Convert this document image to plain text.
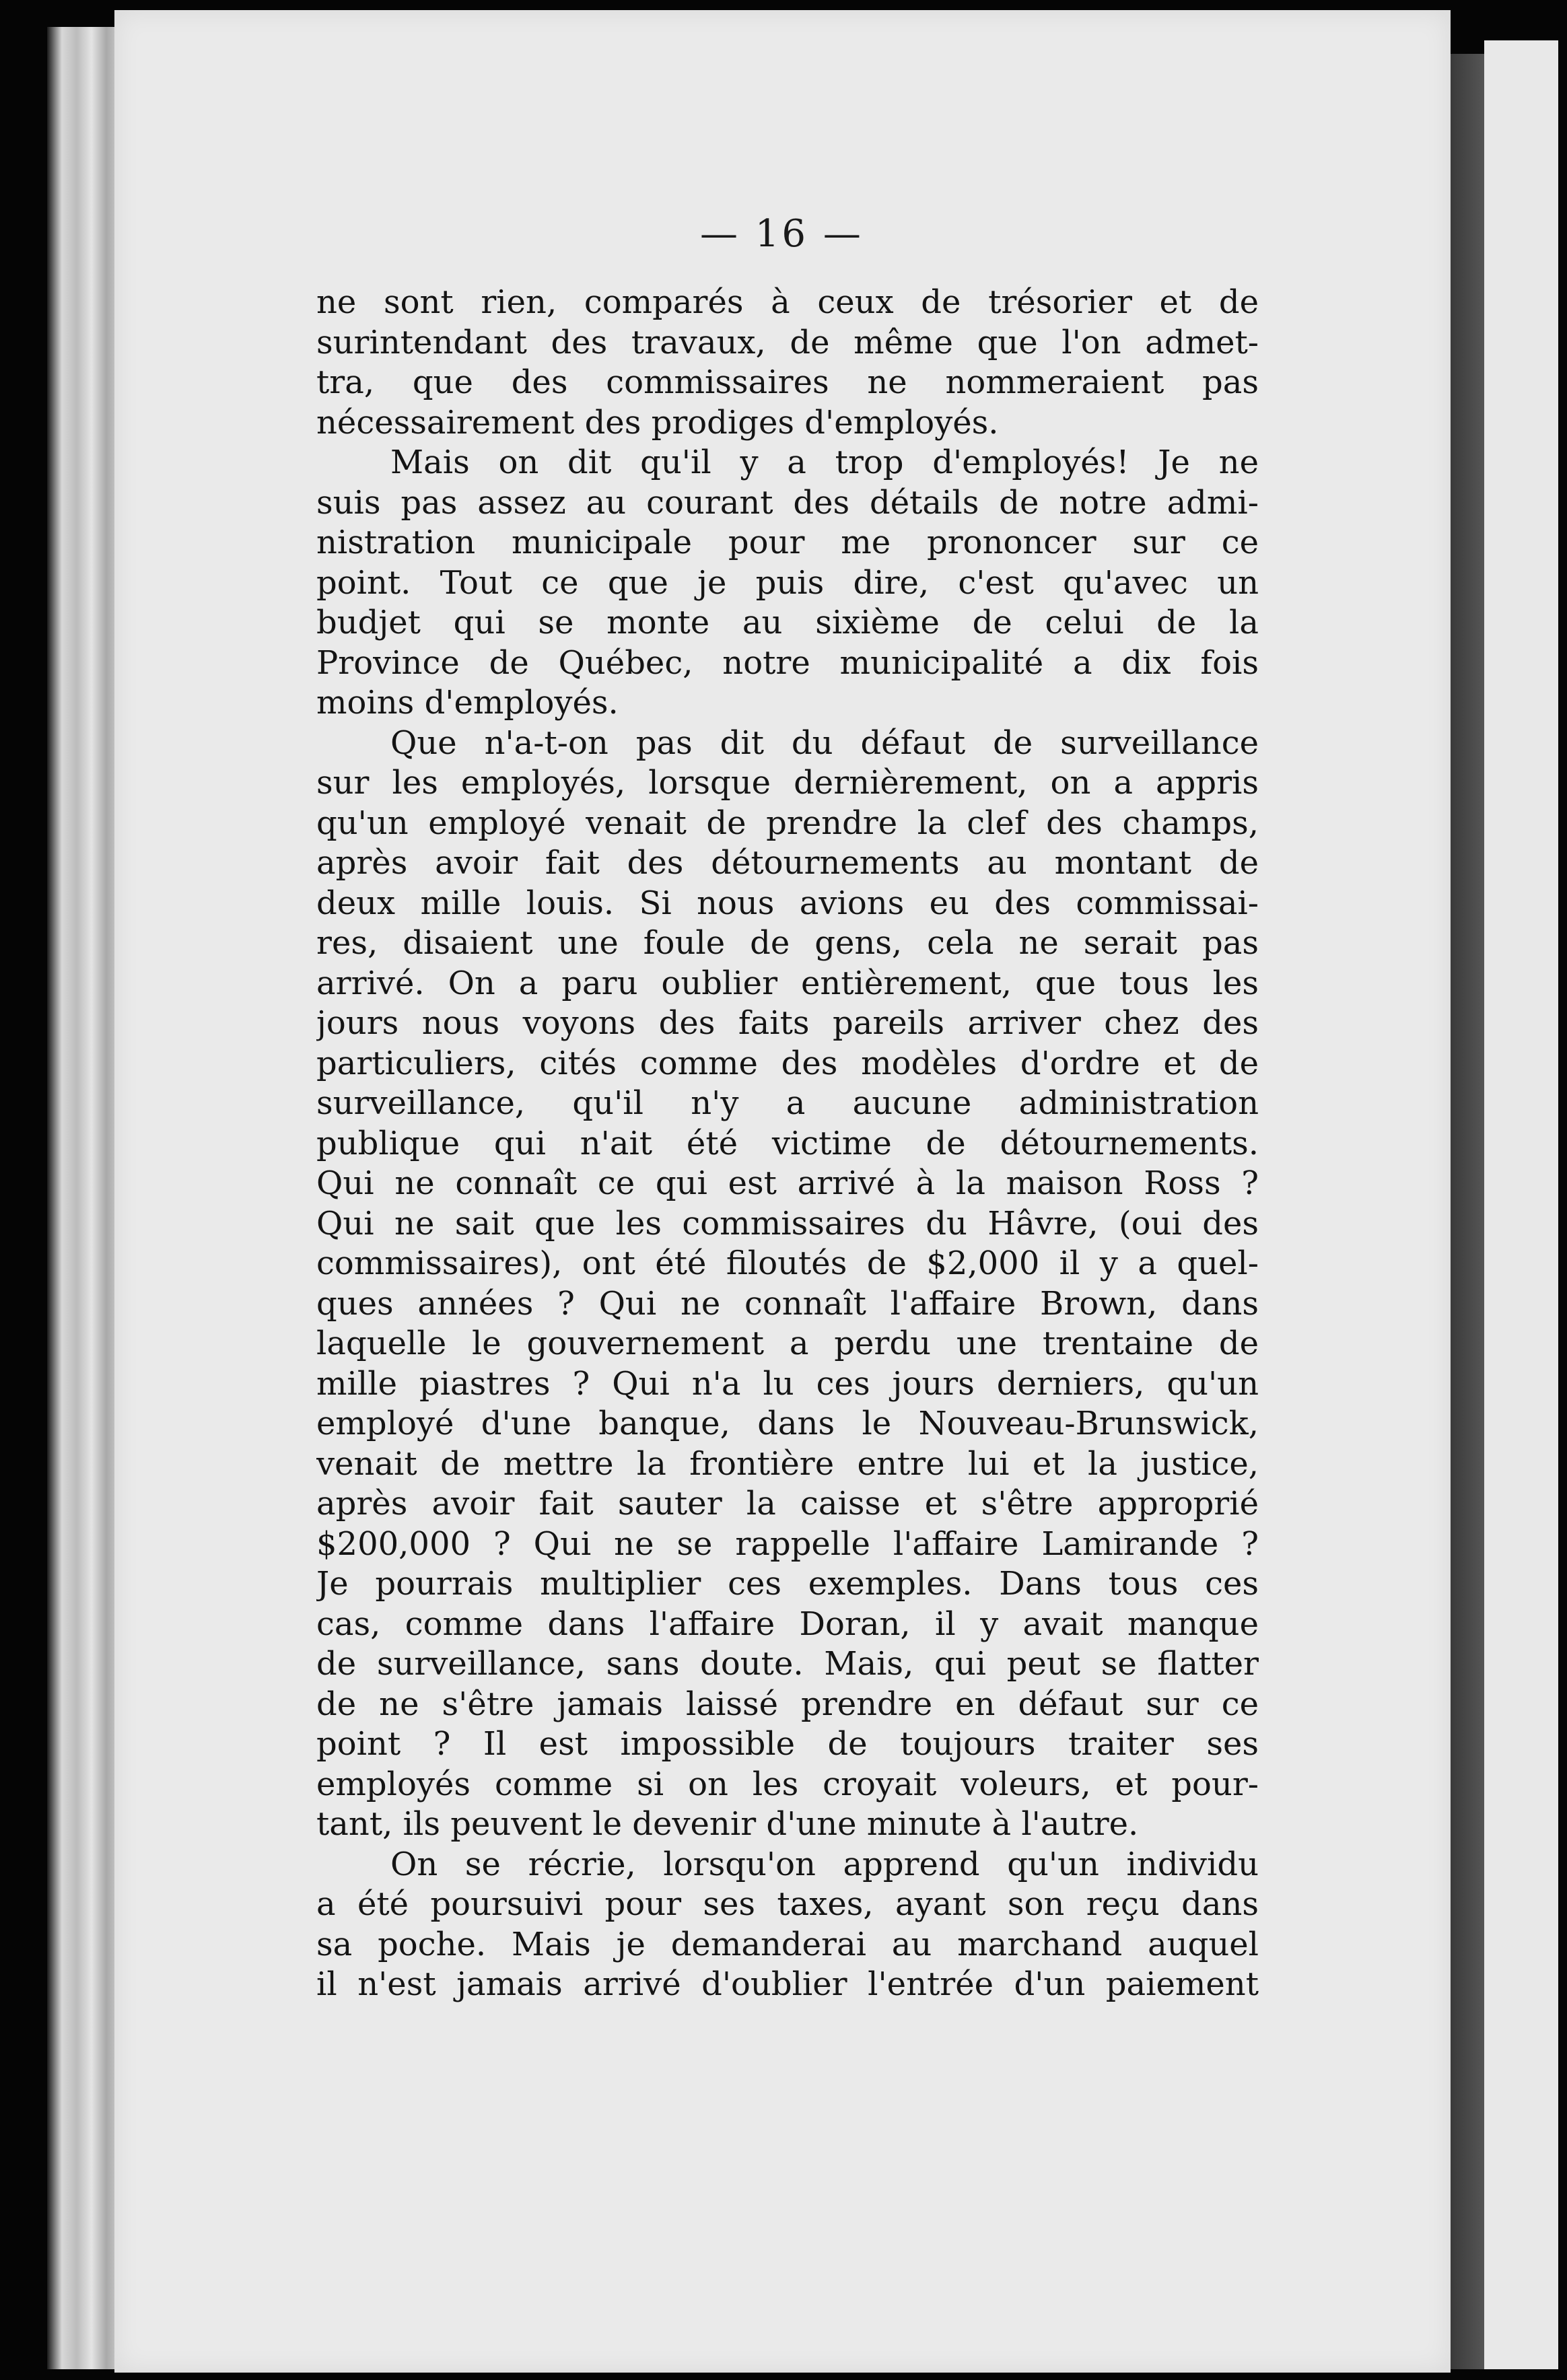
— 16 —
ne sont rien, comparés à ceux de trésorier et de
surintendant des travaux, de même que l'on admet-
tra, que des commissaires ne nommeraient pas
nécessairement des prodiges d'employés.
Mais on dit qu'il y a trop d'employés! Je ne
suis pas assez au courant des détails de notre admi-
nistration municipale pour me prononcer sur ce
point. Tout ce que je puis dire, c'est qu'avec un
budjet qui se monte au sixième de celui de la
Province de Québec, notre municipalité a dix fois
moins d'employés.
Que n'a-t-on pas dit du défaut de surveillance
sur les employés, lorsque dernièrement, on a appris
qu'un employé venait de prendre la clef des champs,
après avoir fait des détournements au montant de
deux mille louis. Si nous avions eu des commissai-
res, disaient une foule de gens, cela ne serait pas
arrivé. On a paru oublier entièrement, que tous les
jours nous voyons des faits pareils arriver chez des
particuliers, cités comme des modèles d'ordre et de
surveillance, qu'il n'y a aucune administration
publique qui n'ait été victime de détournements.
Qui ne connaît ce qui est arrivé à la maison Ross ?
Qui ne sait que les commissaires du Hâvre, (oui des
commissaires), ont été filoutés de $2,000 il y a quel-
ques années ? Qui ne connaît l'affaire Brown, dans
laquelle le gouvernement a perdu une trentaine de
mille piastres ? Qui n'a lu ces jours derniers, qu'un
employé d'une banque, dans le Nouveau-Brunswick,
venait de mettre la frontière entre lui et la justice,
après avoir fait sauter la caisse et s'être approprié
$200,000 ? Qui ne se rappelle l'affaire Lamirande ?
Je pourrais multiplier ces exemples. Dans tous ces
cas, comme dans l'affaire Doran, il y avait manque
de surveillance, sans doute. Mais, qui peut se flatter
de ne s'être jamais laissé prendre en défaut sur ce
point ? Il est impossible de toujours traiter ses
employés comme si on les croyait voleurs, et pour-
tant, ils peuvent le devenir d'une minute à l'autre.
On se récrie, lorsqu'on apprend qu'un individu
a été poursuivi pour ses taxes, ayant son reçu dans
sa poche. Mais je demanderai au marchand auquel
il n'est jamais arrivé d'oublier l'entrée d'un paiement
